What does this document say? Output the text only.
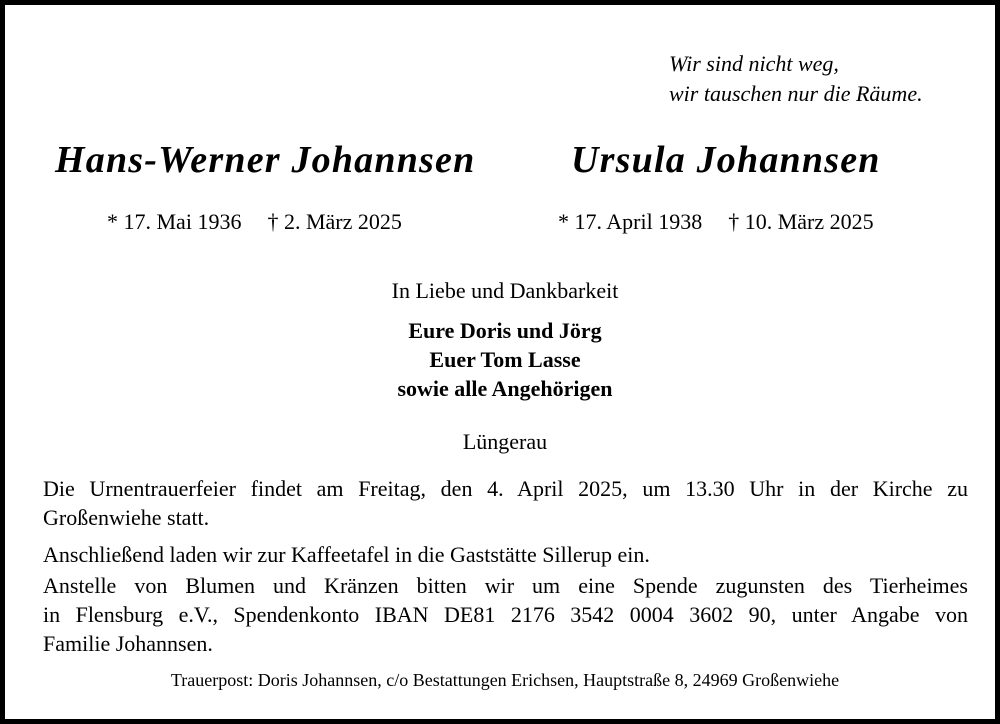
Wir sind nicht weg,
wir tauschen nur die Räume.
Hans-Werner Johannsen	Ursula Johannsen
* 17. Mai 1936 † 2. März 2025	* 17. April 1938 † 10. März 2025
In Liebe und Dankbarkeit
Eure Doris und Jörg
Euer Tom Lasse
sowie alle Angehörigen
Lüngerau
Die Urnentrauerfeier findet am Freitag, den 4. April 2025, um 13.30 Uhr in der Kirche zu
Großenwiehe statt.
Anschließend laden wir zur Kaffeetafel in die Gaststätte Sillerup ein.
Anstelle von Blumen und Kränzen bitten wir um eine Spende zugunsten des Tierheimes
in Flensburg e.V., Spendenkonto IBAN DE81 2176 3542 0004 3602 90, unter Angabe von
Familie Johannsen.
Trauerpost: Doris Johannsen, c/o Bestattungen Erichsen, Hauptstraße 8, 24969 Großenwiehe
